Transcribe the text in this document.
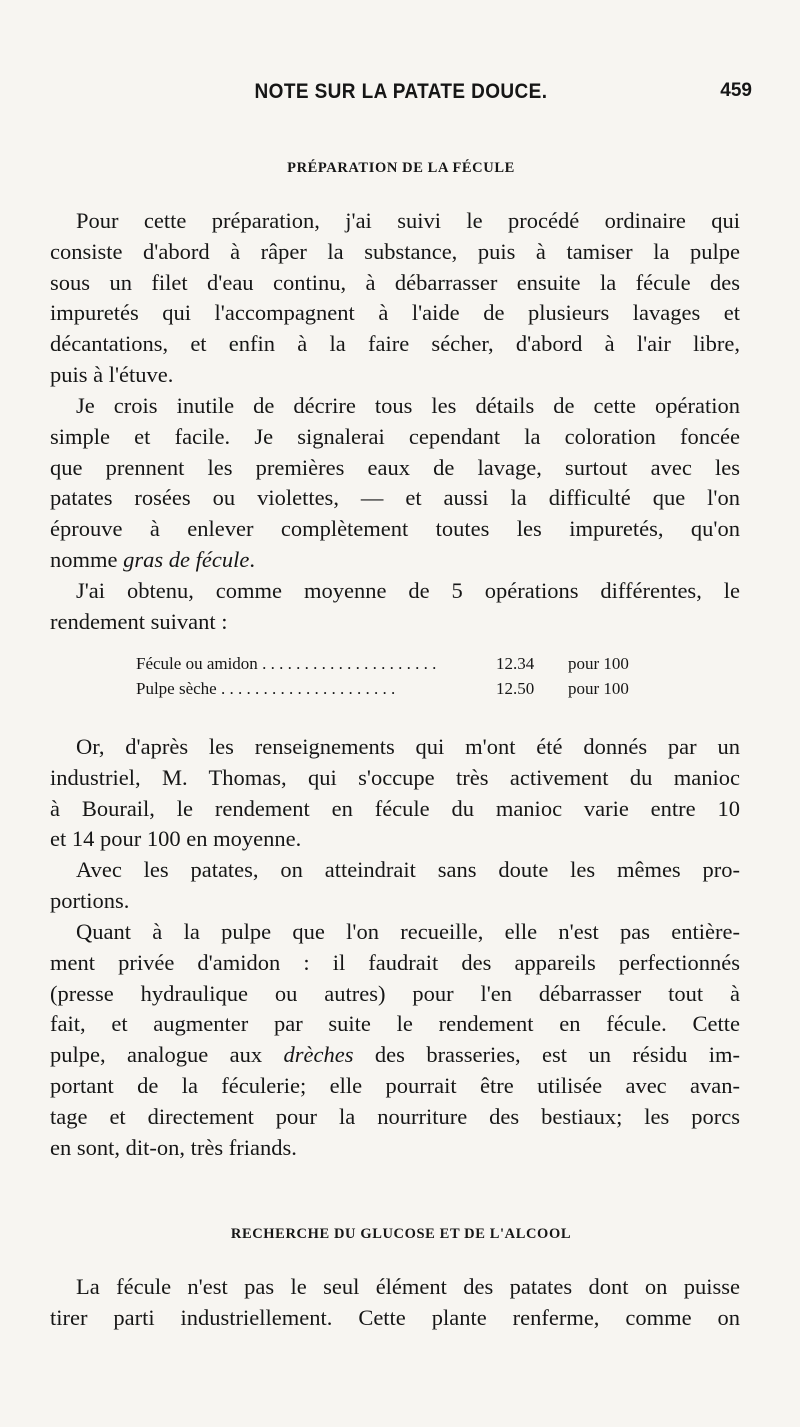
NOTE SUR LA PATATE DOUCE.	459
PRÉPARATION DE LA FÉCULE
Pour cette préparation, j'ai suivi le procédé ordinaire qui
consiste d'abord à râper la substance, puis à tamiser la pulpe
sous un filet d'eau continu, à débarrasser ensuite la fécule des
impuretés qui l'accompagnent à l'aide de plusieurs lavages et
décantations, et enfin à la faire sécher, d'abord à l'air libre,
puis à l'étuve.
Je crois inutile de décrire tous les détails de cette opération
simple et facile. Je signalerai cependant la coloration foncée
que prennent les premières eaux de lavage, surtout avec les
patates rosées ou violettes, — et aussi la difficulté que l'on
éprouve à enlever complètement toutes les impuretés, qu'on
nomme gras de fécule.
J'ai obtenu, comme moyenne de 5 opérations différentes, le
rendement suivant :
Fécule ou amidon . . .	12.34	pour 100
Pulpe sèche . . .	12.50	pour 100
Or, d'après les renseignements qui m'ont été donnés par un
industriel, M. Thomas, qui s'occupe très activement du manioc
à Bourail, le rendement en fécule du manioc varie entre 10
et 14 pour 100 en moyenne.
Avec les patates, on atteindrait sans doute les mêmes pro-
portions.
Quant à la pulpe que l'on recueille, elle n'est pas entière-
ment privée d'amidon : il faudrait des appareils perfectionnés
(presse hydraulique ou autres) pour l'en débarrasser tout à
fait, et augmenter par suite le rendement en fécule. Cette
pulpe, analogue aux drèches des brasseries, est un résidu im-
portant de la féculerie; elle pourrait être utilisée avec avan-
tage et directement pour la nourriture des bestiaux; les porcs
en sont, dit-on, très friands.
RECHERCHE DU GLUCOSE ET DE L'ALCOOL
La fécule n'est pas le seul élément des patates dont on puisse
tirer parti industriellement. Cette plante renferme, comme on
